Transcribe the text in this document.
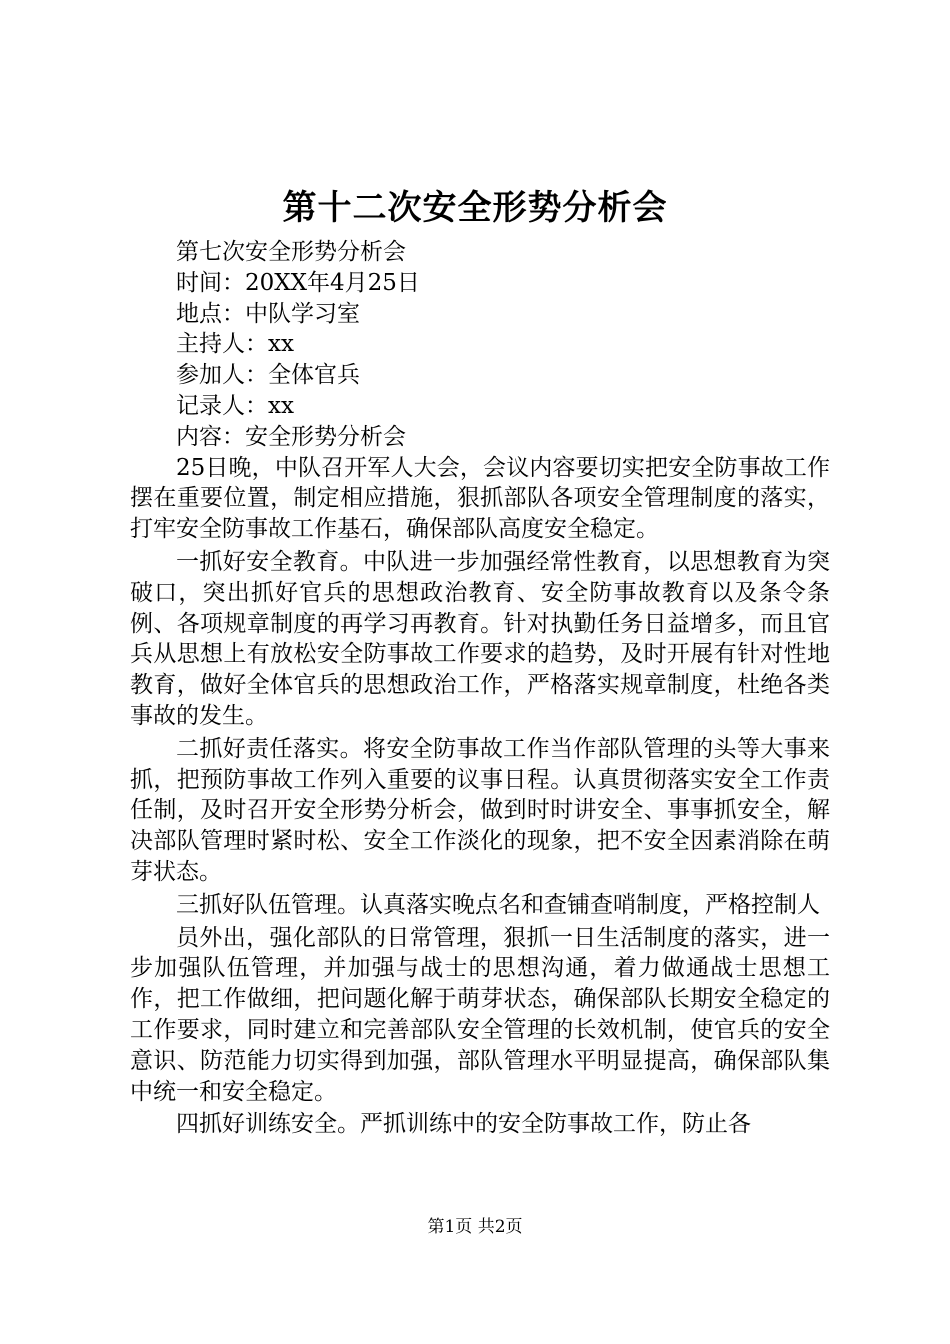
第十二次安全形势分析会

第七次安全形势分析会

时间：20XX年4月25日

地点：中队学习室

主持人：xx

参加人：全体官兵

记录人：xx

内容：安全形势分析会

25日晚，中队召开军人大会，会议内容要切实把安全防事故工作摆在重要位置，制定相应措施，狠抓部队各项安全管理制度的落实，打牢安全防事故工作基石，确保部队高度安全稳定。

一抓好安全教育。中队进一步加强经常性教育，以思想教育为突破口，突出抓好官兵的思想政治教育、安全防事故教育以及条令条例、各项规章制度的再学习再教育。针对执勤任务日益增多，而且官兵从思想上有放松安全防事故工作要求的趋势，及时开展有针对性地教育，做好全体官兵的思想政治工作，严格落实规章制度，杜绝各类事故的发生。

二抓好责任落实。将安全防事故工作当作部队管理的头等大事来抓，把预防事故工作列入重要的议事日程。认真贯彻落实安全工作责任制，及时召开安全形势分析会，做到时时讲安全、事事抓安全，解决部队管理时紧时松、安全工作淡化的现象，把不安全因素消除在萌芽状态。

三抓好队伍管理。认真落实晚点名和查铺查哨制度，严格控制人

员外出，强化部队的日常管理，狠抓一日生活制度的落实，进一步加强队伍管理，并加强与战士的思想沟通，着力做通战士思想工作，把工作做细，把问题化解于萌芽状态，确保部队长期安全稳定的工作要求，同时建立和完善部队安全管理的长效机制，使官兵的安全意识、防范能力切实得到加强，部队管理水平明显提高，确保部队集中统一和安全稳定。

四抓好训练安全。严抓训练中的安全防事故工作，防止各

第1页 共2页
